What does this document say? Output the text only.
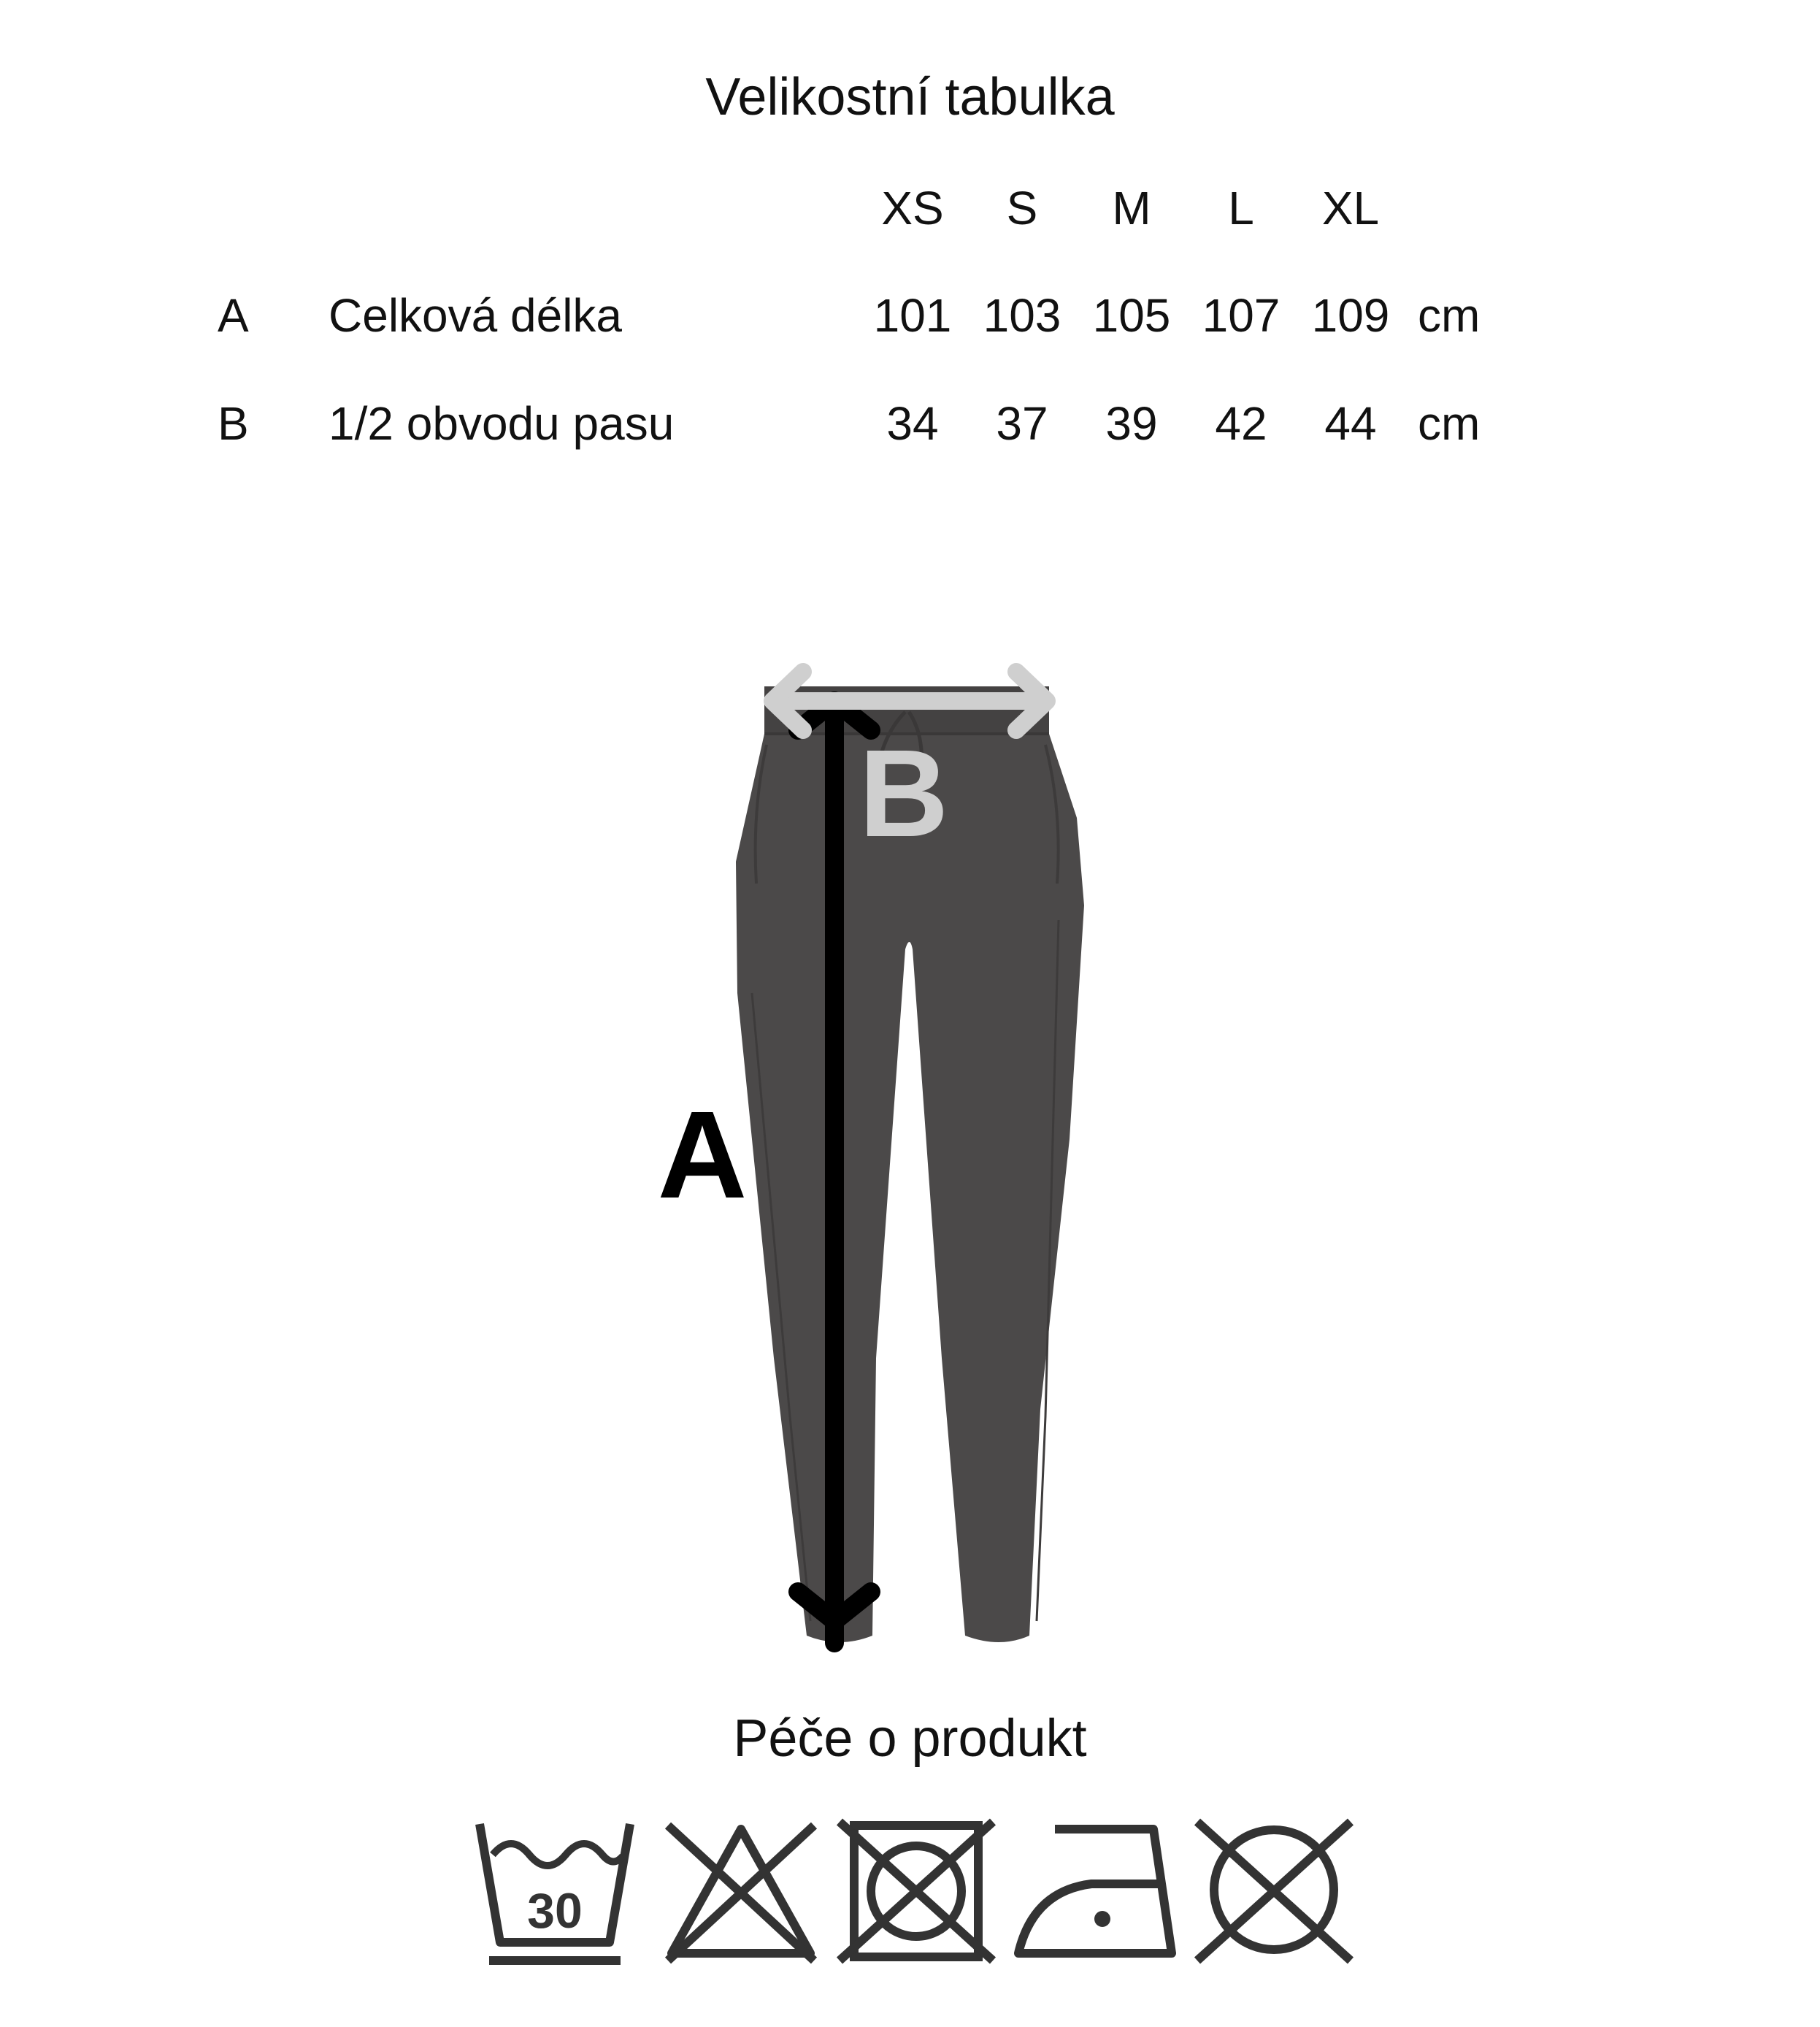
Velikostní tabulka
XS	S	M	L	XL
A Celková délka	101 103 105 107 109 cm
B 1/2 obvodu pasu	34	37	39	42	44 cm
B
A
Péče o produkt
30
